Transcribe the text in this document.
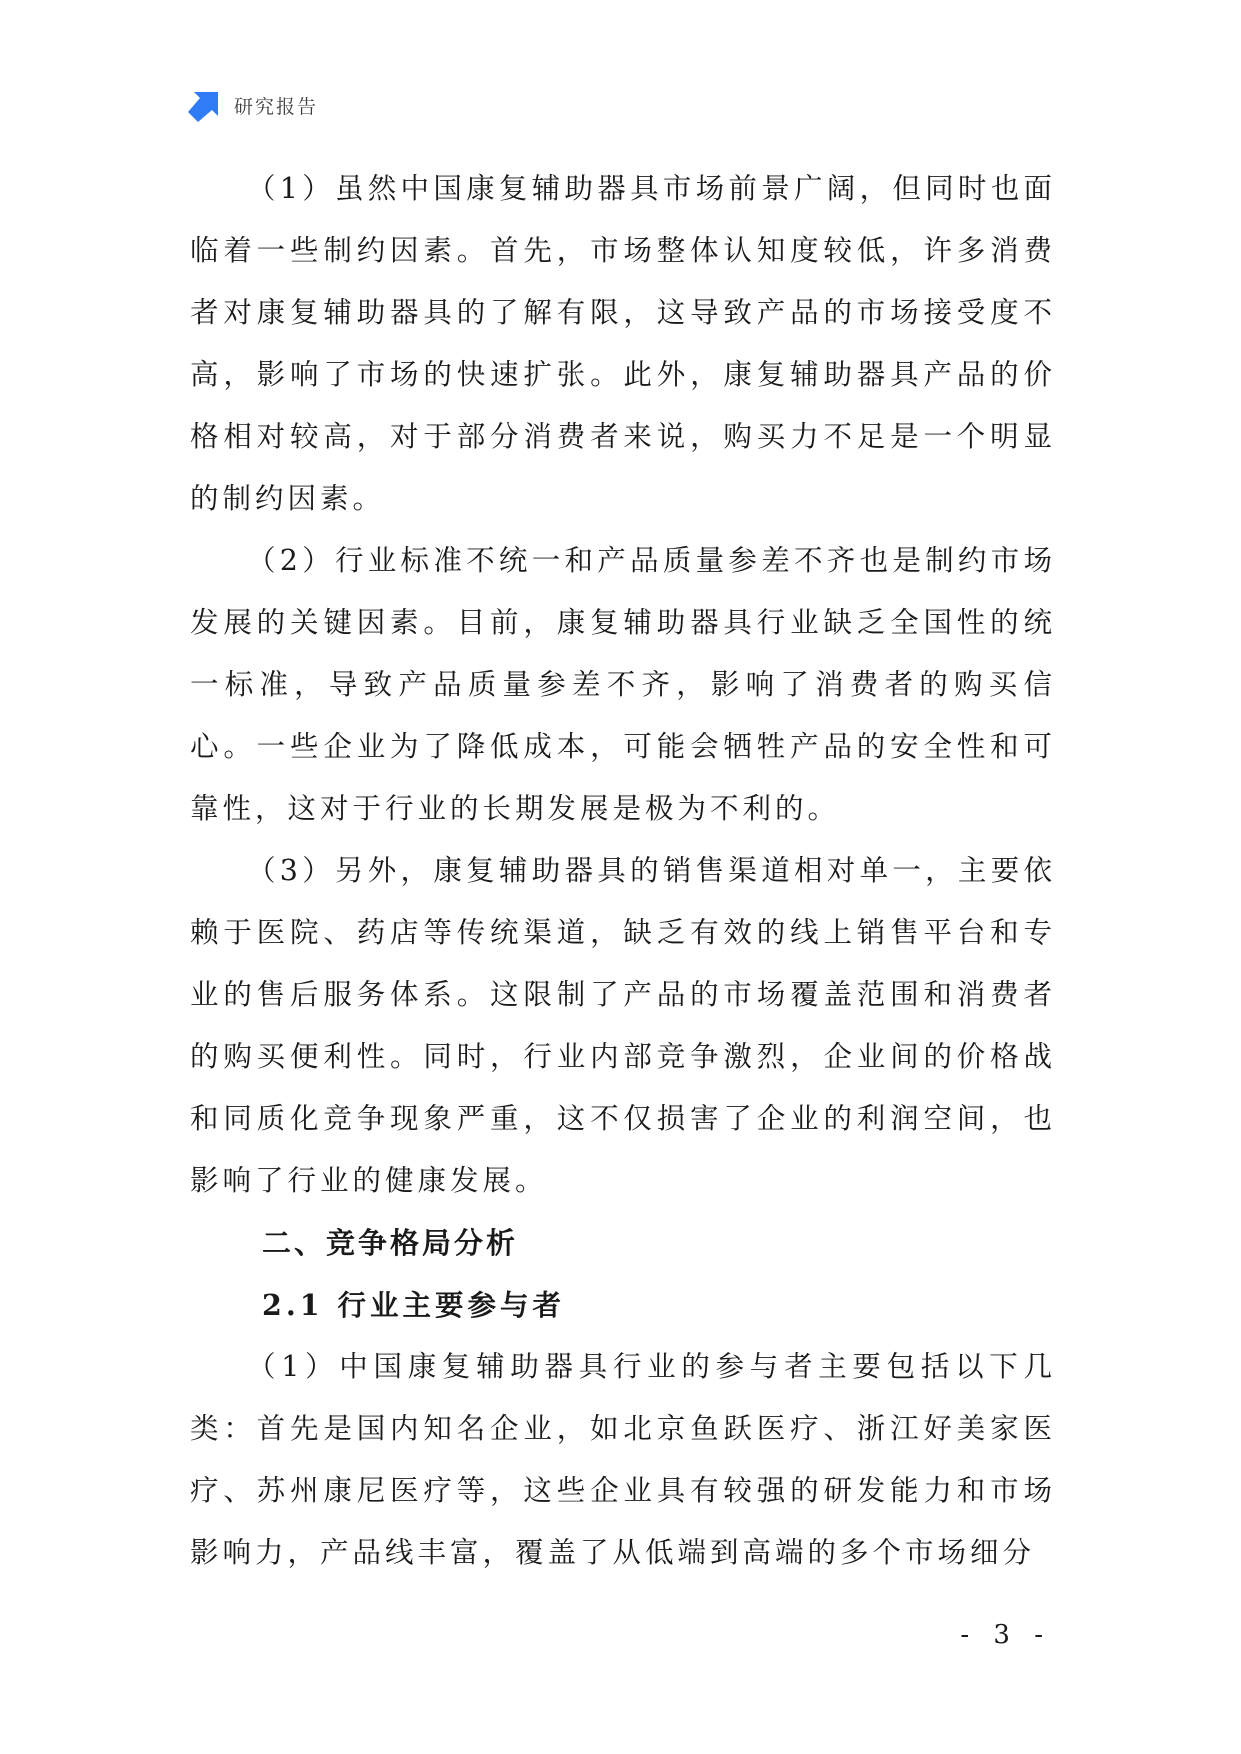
研究报告

（1）虽然中国康复辅助器具市场前景广阔，但同时也面临着一些制约因素。首先，市场整体认知度较低，许多消费者对康复辅助器具的了解有限，这导致产品的市场接受度不高，影响了市场的快速扩张。此外，康复辅助器具产品的价格相对较高，对于部分消费者来说，购买力不足是一个明显的制约因素。

（2）行业标准不统一和产品质量参差不齐也是制约市场发展的关键因素。目前，康复辅助器具行业缺乏全国性的统一标准，导致产品质量参差不齐，影响了消费者的购买信心。一些企业为了降低成本，可能会牺牲产品的安全性和可靠性，这对于行业的长期发展是极为不利的。

（3）另外，康复辅助器具的销售渠道相对单一，主要依赖于医院、药店等传统渠道，缺乏有效的线上销售平台和专业的售后服务体系。这限制了产品的市场覆盖范围和消费者的购买便利性。同时，行业内部竞争激烈，企业间的价格战和同质化竞争现象严重，这不仅损害了企业的利润空间，也影响了行业的健康发展。

二、竞争格局分析
2.1 行业主要参与者

（1）中国康复辅助器具行业的参与者主要包括以下几类：首先是国内知名企业，如北京鱼跃医疗、浙江好美家医疗、苏州康尼医疗等，这些企业具有较强的研发能力和市场影响力，产品线丰富，覆盖了从低端到高端的多个市场细分

- 3 -
